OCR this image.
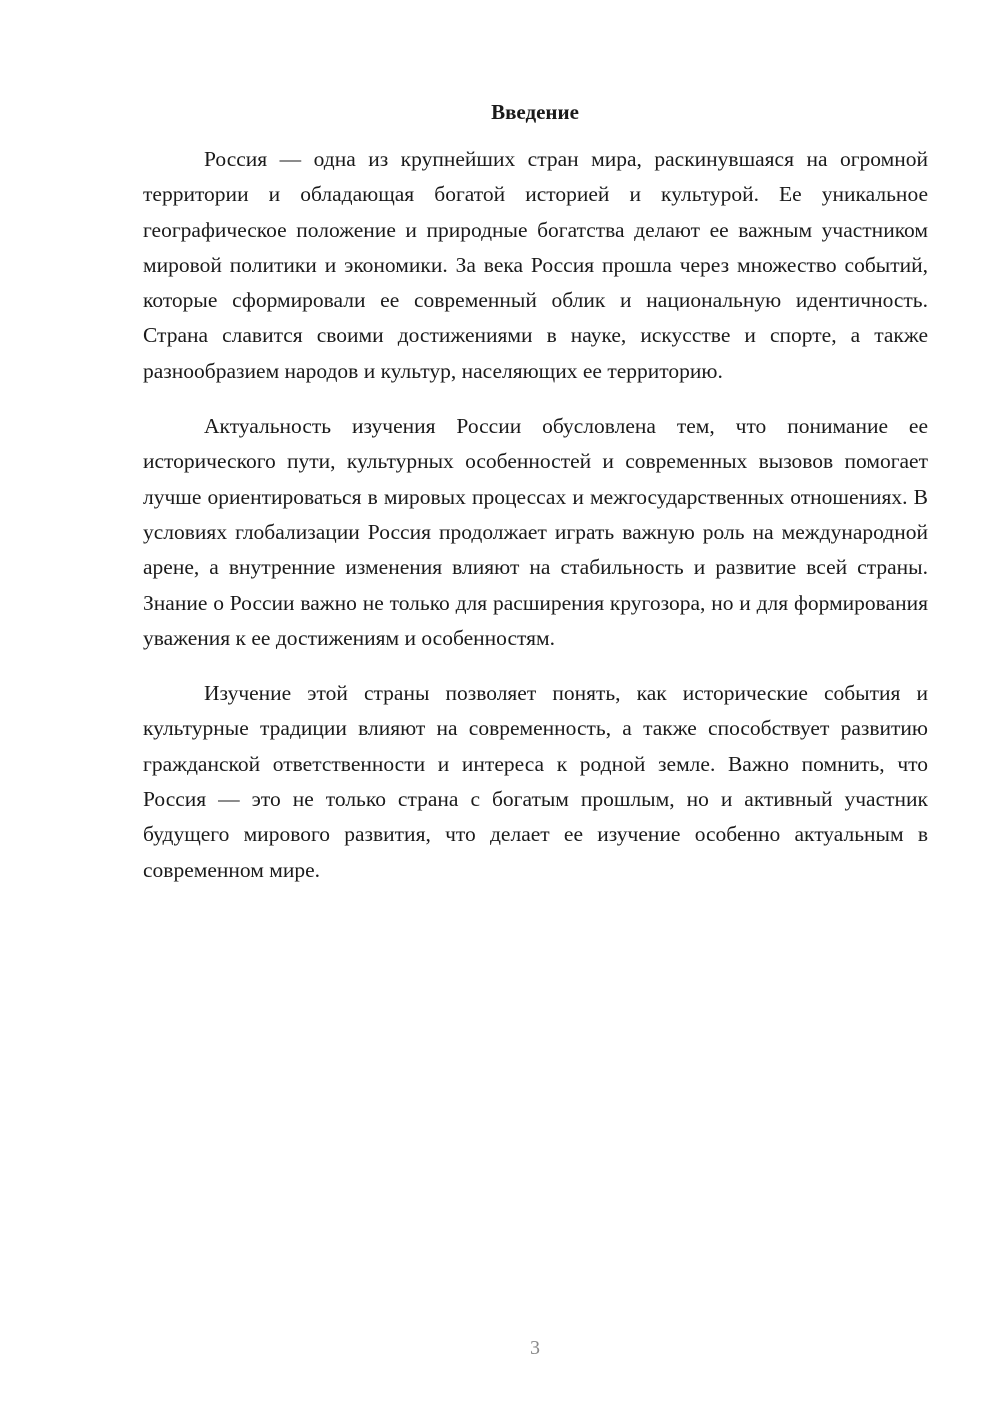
Введение

Россия — одна из крупнейших стран мира, раскинувшаяся на огромной территории и обладающая богатой историей и культурой. Ее уникальное географическое положение и природные богатства делают ее важным участником мировой политики и экономики. За века Россия прошла через множество событий, которые сформировали ее современный облик и национальную идентичность. Страна славится своими достижениями в науке, искусстве и спорте, а также разнообразием народов и культур, населяющих ее территорию.

Актуальность изучения России обусловлена тем, что понимание ее исторического пути, культурных особенностей и современных вызовов помогает лучше ориентироваться в мировых процессах и межгосударственных отношениях. В условиях глобализации Россия продолжает играть важную роль на международной арене, а внутренние изменения влияют на стабильность и развитие всей страны. Знание о России важно не только для расширения кругозора, но и для формирования уважения к ее достижениям и особенностям.

Изучение этой страны позволяет понять, как исторические события и культурные традиции влияют на современность, а также способствует развитию гражданской ответственности и интереса к родной земле. Важно помнить, что Россия — это не только страна с богатым прошлым, но и активный участник будущего мирового развития, что делает ее изучение особенно актуальным в современном мире.

3
